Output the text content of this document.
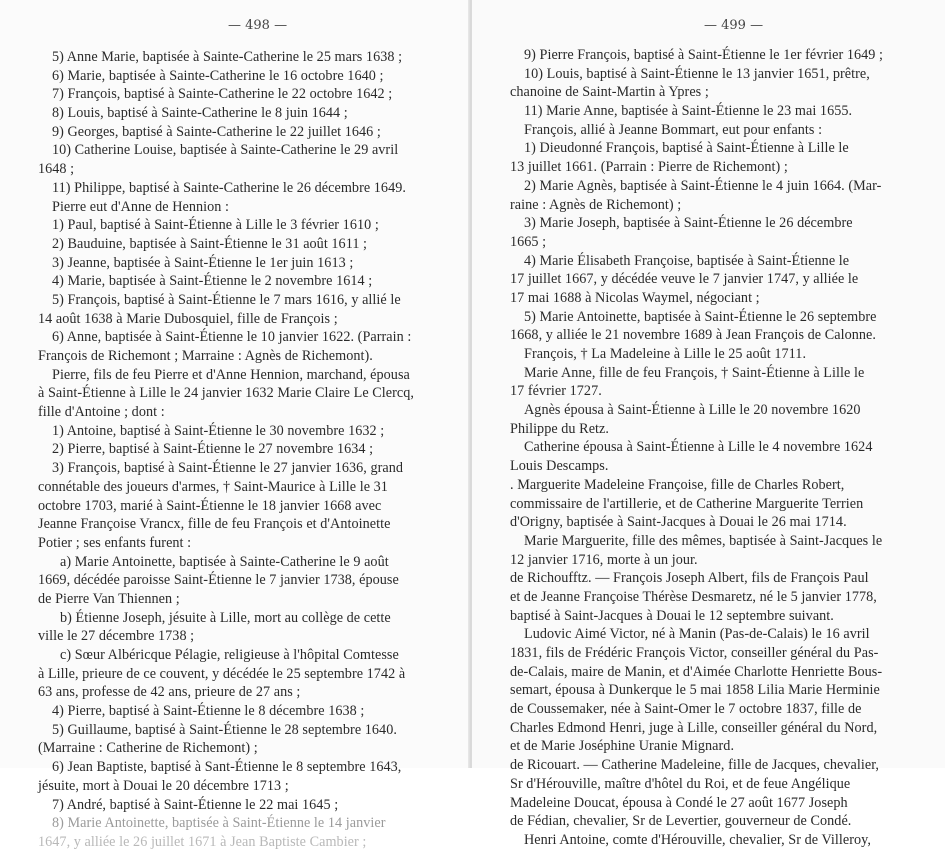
— 498 —
5) Anne Marie, baptisée à Sainte-Catherine le 25 mars 1638 ;
6) Marie, baptisée à Sainte-Catherine le 16 octobre 1640 ;
7) François, baptisé à Sainte-Catherine le 22 octobre 1642 ;
8) Louis, baptisé à Sainte-Catherine le 8 juin 1644 ;
9) Georges, baptisé à Sainte-Catherine le 22 juillet 1646 ;
10) Catherine Louise, baptisée à Sainte-Catherine le 29 avril
1648 ;
11) Philippe, baptisé à Sainte-Catherine le 26 décembre 1649.
Pierre eut d'Anne de Hennion :
1) Paul, baptisé à Saint-Étienne à Lille le 3 février 1610 ;
2) Bauduine, baptisée à Saint-Étienne le 31 août 1611 ;
3) Jeanne, baptisée à Saint-Étienne le 1er juin 1613 ;
4) Marie, baptisée à Saint-Étienne le 2 novembre 1614 ;
5) François, baptisé à Saint-Étienne le 7 mars 1616, y allié le
14 août 1638 à Marie Dubosquiel, fille de François ;
6) Anne, baptisée à Saint-Étienne le 10 janvier 1622. (Parrain :
François de Richemont ; Marraine : Agnès de Richemont).
Pierre, fils de feu Pierre et d'Anne Hennion, marchand, épousa
à Saint-Étienne à Lille le 24 janvier 1632 Marie Claire Le Clercq,
fille d'Antoine ; dont :
1) Antoine, baptisé à Saint-Étienne le 30 novembre 1632 ;
2) Pierre, baptisé à Saint-Étienne le 27 novembre 1634 ;
3) François, baptisé à Saint-Étienne le 27 janvier 1636, grand
connétable des joueurs d'armes, † Saint-Maurice à Lille le 31
octobre 1703, marié à Saint-Étienne le 18 janvier 1668 avec
Jeanne Françoise Vrancx, fille de feu François et d'Antoinette
Potier ; ses enfants furent :
a) Marie Antoinette, baptisée à Sainte-Catherine le 9 août
1669, décédée paroisse Saint-Étienne le 7 janvier 1738, épouse
de Pierre Van Thiennen ;
b) Étienne Joseph, jésuite à Lille, mort au collège de cette
ville le 27 décembre 1738 ;
c) Sœur Albéricque Pélagie, religieuse à l'hôpital Comtesse
à Lille, prieure de ce couvent, y décédée le 25 septembre 1742 à
63 ans, professe de 42 ans, prieure de 27 ans ;
4) Pierre, baptisé à Saint-Étienne le 8 décembre 1638 ;
5) Guillaume, baptisé à Saint-Étienne le 28 septembre 1640.
(Marraine : Catherine de Richemont) ;
6) Jean Baptiste, baptisé à Sant-Étienne le 8 septembre 1643,
jésuite, mort à Douai le 20 décembre 1713 ;
7) André, baptisé à Saint-Étienne le 22 mai 1645 ;
8) Marie Antoinette, baptisée à Saint-Étienne le 14 janvier
1647, y alliée le 26 juillet 1671 à Jean Baptiste Cambier ;
— 499 —
9) Pierre François, baptisé à Saint-Étienne le 1er février 1649 ;
10) Louis, baptisé à Saint-Étienne le 13 janvier 1651, prêtre,
chanoine de Saint-Martin à Ypres ;
11) Marie Anne, baptisée à Saint-Étienne le 23 mai 1655.
François, allié à Jeanne Bommart, eut pour enfants :
1) Dieudonné François, baptisé à Saint-Étienne à Lille le
13 juillet 1661. (Parrain : Pierre de Richemont) ;
2) Marie Agnès, baptisée à Saint-Étienne le 4 juin 1664. (Mar-
raine : Agnès de Richemont) ;
3) Marie Joseph, baptisée à Saint-Étienne le 26 décembre
1665 ;
4) Marie Élisabeth Françoise, baptisée à Saint-Étienne le
17 juillet 1667, y décédée veuve le 7 janvier 1747, y alliée le
17 mai 1688 à Nicolas Waymel, négociant ;
5) Marie Antoinette, baptisée à Saint-Étienne le 26 septembre
1668, y alliée le 21 novembre 1689 à Jean François de Calonne.
François, † La Madeleine à Lille le 25 août 1711.
Marie Anne, fille de feu François, † Saint-Étienne à Lille le
17 février 1727.
Agnès épousa à Saint-Étienne à Lille le 20 novembre 1620
Philippe du Retz.
Catherine épousa à Saint-Étienne à Lille le 4 novembre 1624
Louis Descamps.
. Marguerite Madeleine Françoise, fille de Charles Robert,
commissaire de l'artillerie, et de Catherine Marguerite Terrien
d'Origny, baptisée à Saint-Jacques à Douai le 26 mai 1714.
Marie Marguerite, fille des mêmes, baptisée à Saint-Jacques le
12 janvier 1716, morte à un jour.
de Richoufftz. — François Joseph Albert, fils de François Paul
et de Jeanne Françoise Thérèse Desmaretz, né le 5 janvier 1778,
baptisé à Saint-Jacques à Douai le 12 septembre suivant.
Ludovic Aimé Victor, né à Manin (Pas-de-Calais) le 16 avril
1831, fils de Frédéric François Victor, conseiller général du Pas-
de-Calais, maire de Manin, et d'Aimée Charlotte Henriette Bous-
semart, épousa à Dunkerque le 5 mai 1858 Lilia Marie Herminie
de Coussemaker, née à Saint-Omer le 7 octobre 1837, fille de
Charles Edmond Henri, juge à Lille, conseiller général du Nord,
et de Marie Joséphine Uranie Mignard.
de Ricouart. — Catherine Madeleine, fille de Jacques, chevalier,
Sr d'Hérouville, maître d'hôtel du Roi, et de feue Angélique
Madeleine Doucat, épousa à Condé le 27 août 1677 Joseph
de Fédian, chevalier, Sr de Levertier, gouverneur de Condé.
Henri Antoine, comte d'Hérouville, chevalier, Sr de Villeroy,
